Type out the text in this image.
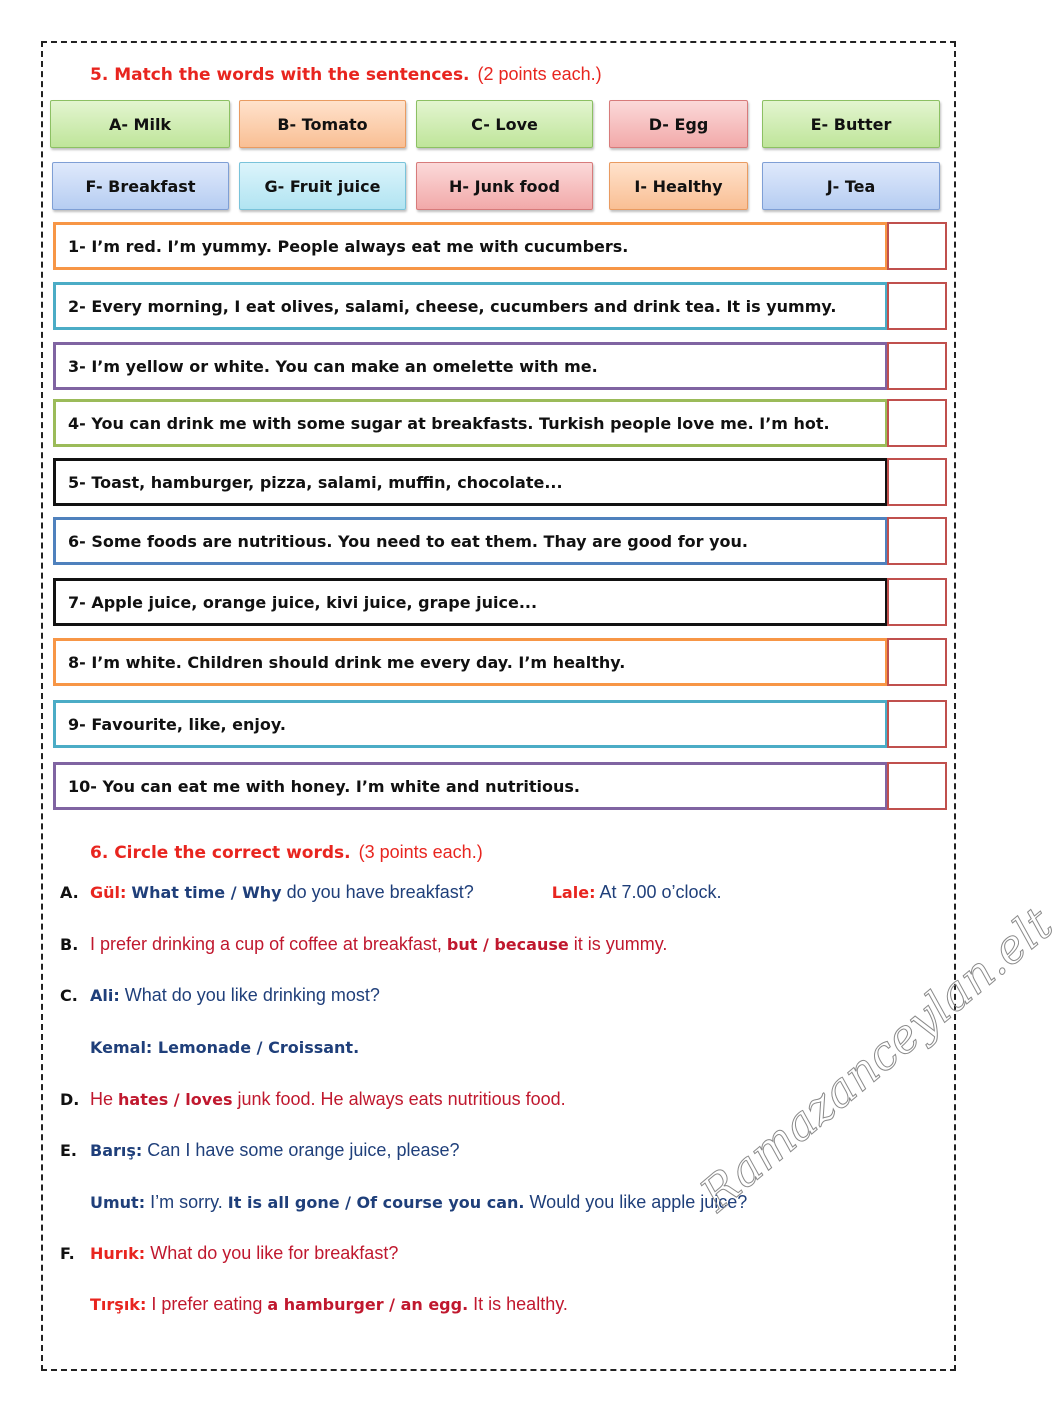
5. Match the words with the sentences. (2 points each.)
A- Milk	B- Tomato	C- Love	D- Egg	E- Butter
F- Breakfast	G- Fruit juice	H- Junk food	I- Healthy	J- Tea
1- I’m red. I’m yummy. People always eat me with cucumbers.
2- Every morning, I eat olives, salami, cheese, cucumbers and drink tea. It is yummy.
3- I’m yellow or white. You can make an omelette with me.
4- You can drink me with some sugar at breakfasts. Turkish people love me. I’m hot.
5- Toast, hamburger, pizza, salami, muffin, chocolate...
6- Some foods are nutritious. You need to eat them. Thay are good for you.
7- Apple juice, orange juice, kivi juice, grape juice...
8- I’m white. Children should drink me every day. I’m healthy.
9- Favourite, like, enjoy.
10- You can eat me with honey. I’m white and nutritious.
6. Circle the correct words. (3 points each.)
A. Gül: What time / Why do you have breakfast?	Lale: At 7.00 o’clock.
B. I prefer drinking a cup of coffee at breakfast, but / because it is yummy.
C. Ali: What do you like drinking most?
Kemal: Lemonade / Croissant.
D. He hates / loves junk food. He always eats nutritious food.
E. Barış: Can I have some orange juice, please?
Umut: I’m sorry. It is all gone / Of course you can. Would you like apple juice?
F. Hurık: What do you like for breakfast?
Tırşık: I prefer eating a hamburger / an egg. It is healthy.
Ramazanceylan.elt
